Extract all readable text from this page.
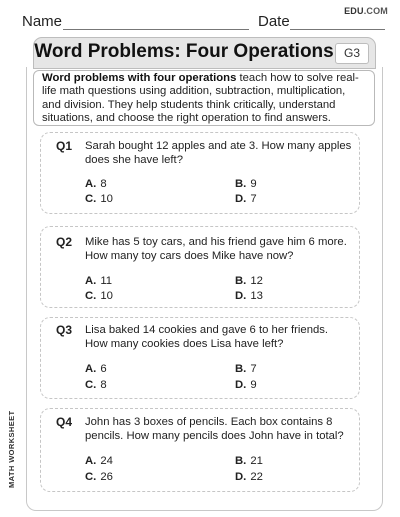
Name	Date
EDU.COM
Word Problems: Four Operations G3
Word problems with four operations teach how to solve real-life math questions using addition, subtraction, multiplication, and division. They help students think critically, understand situations, and choose the right operation to find answers.
Q1 Sarah bought 12 apples and ate 3. How many apples does she have left?
A. 8	B. 9
C. 10	D. 7
Q2 Mike has 5 toy cars, and his friend gave him 6 more. How many toy cars does Mike have now?
A. 11	B. 12
C. 10	D. 13
Q3 Lisa baked 14 cookies and gave 6 to her friends. How many cookies does Lisa have left?
A. 6	B. 7
C. 8	D. 9
Q4 John has 3 boxes of pencils. Each box contains 8 pencils. How many pencils does John have in total?
A. 24	B. 21
C. 26	D. 22
MATH WORKSHEET
